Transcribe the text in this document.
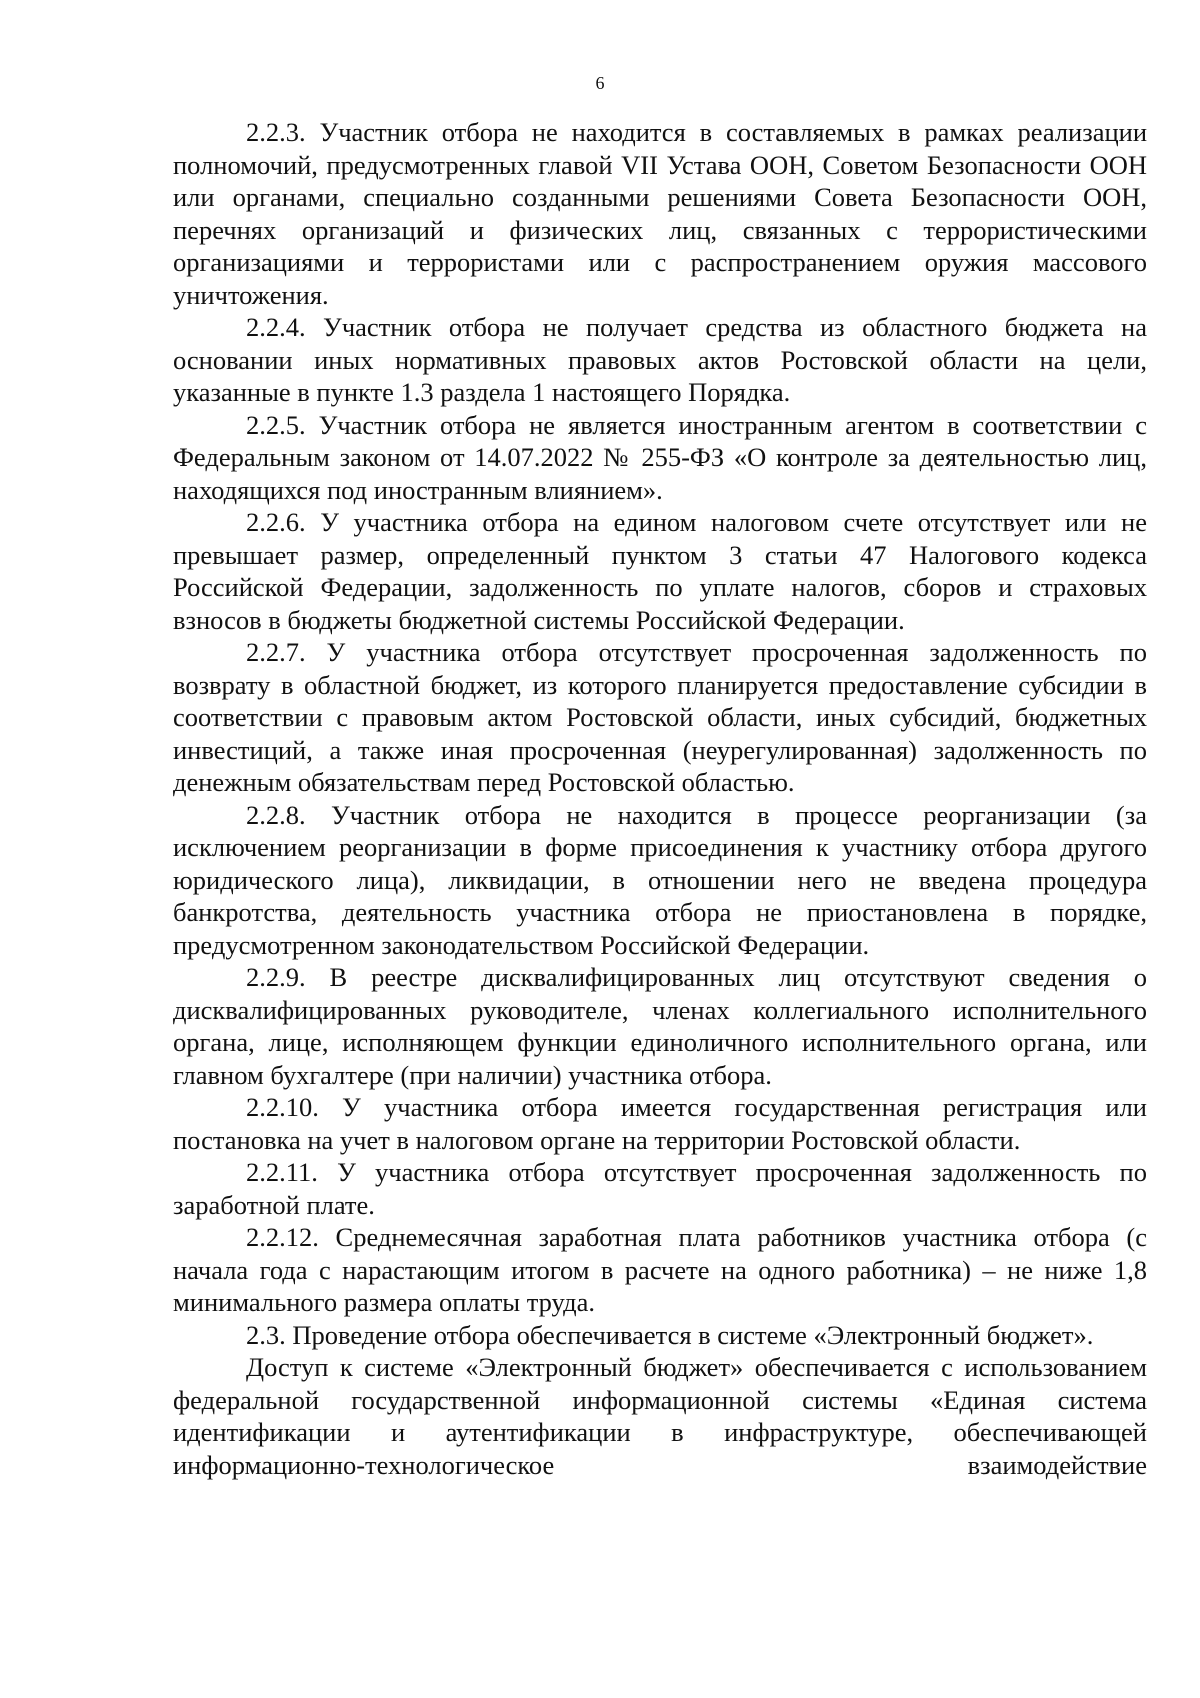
6

2.2.3. Участник отбора не находится в составляемых в рамках реализации полномочий, предусмотренных главой VII Устава ООН, Советом Безопасности ООН или органами, специально созданными решениями Совета Безопасности ООН, перечнях организаций и физических лиц, связанных с террористическими организациями и террористами или с распространением оружия массового уничтожения.

2.2.4. Участник отбора не получает средства из областного бюджета на основании иных нормативных правовых актов Ростовской области на цели, указанные в пункте 1.3 раздела 1 настоящего Порядка.

2.2.5. Участник отбора не является иностранным агентом в соответствии с Федеральным законом от 14.07.2022 № 255-ФЗ «О контроле за деятельностью лиц, находящихся под иностранным влиянием».

2.2.6. У участника отбора на едином налоговом счете отсутствует или не превышает размер, определенный пунктом 3 статьи 47 Налогового кодекса Российской Федерации, задолженность по уплате налогов, сборов и страховых взносов в бюджеты бюджетной системы Российской Федерации.

2.2.7. У участника отбора отсутствует просроченная задолженность по возврату в областной бюджет, из которого планируется предоставление субсидии в соответствии с правовым актом Ростовской области, иных субсидий, бюджетных инвестиций, а также иная просроченная (неурегулированная) задолженность по денежным обязательствам перед Ростовской областью.

2.2.8. Участник отбора не находится в процессе реорганизации (за исключением реорганизации в форме присоединения к участнику отбора другого юридического лица), ликвидации, в отношении него не введена процедура банкротства, деятельность участника отбора не приостановлена в порядке, предусмотренном законодательством Российской Федерации.

2.2.9. В реестре дисквалифицированных лиц отсутствуют сведения о дисквалифицированных руководителе, членах коллегиального исполнительного органа, лице, исполняющем функции единоличного исполнительного органа, или главном бухгалтере (при наличии) участника отбора.

2.2.10. У участника отбора имеется государственная регистрация или постановка на учет в налоговом органе на территории Ростовской области.

2.2.11. У участника отбора отсутствует просроченная задолженность по заработной плате.

2.2.12. Среднемесячная заработная плата работников участника отбора (с начала года с нарастающим итогом в расчете на одного работника) – не ниже 1,8 минимального размера оплаты труда.

2.3. Проведение отбора обеспечивается в системе «Электронный бюджет».

Доступ к системе «Электронный бюджет» обеспечивается с использованием федеральной государственной информационной системы «Единая система идентификации и аутентификации в инфраструктуре, обеспечивающей информационно-технологическое взаимодействие
